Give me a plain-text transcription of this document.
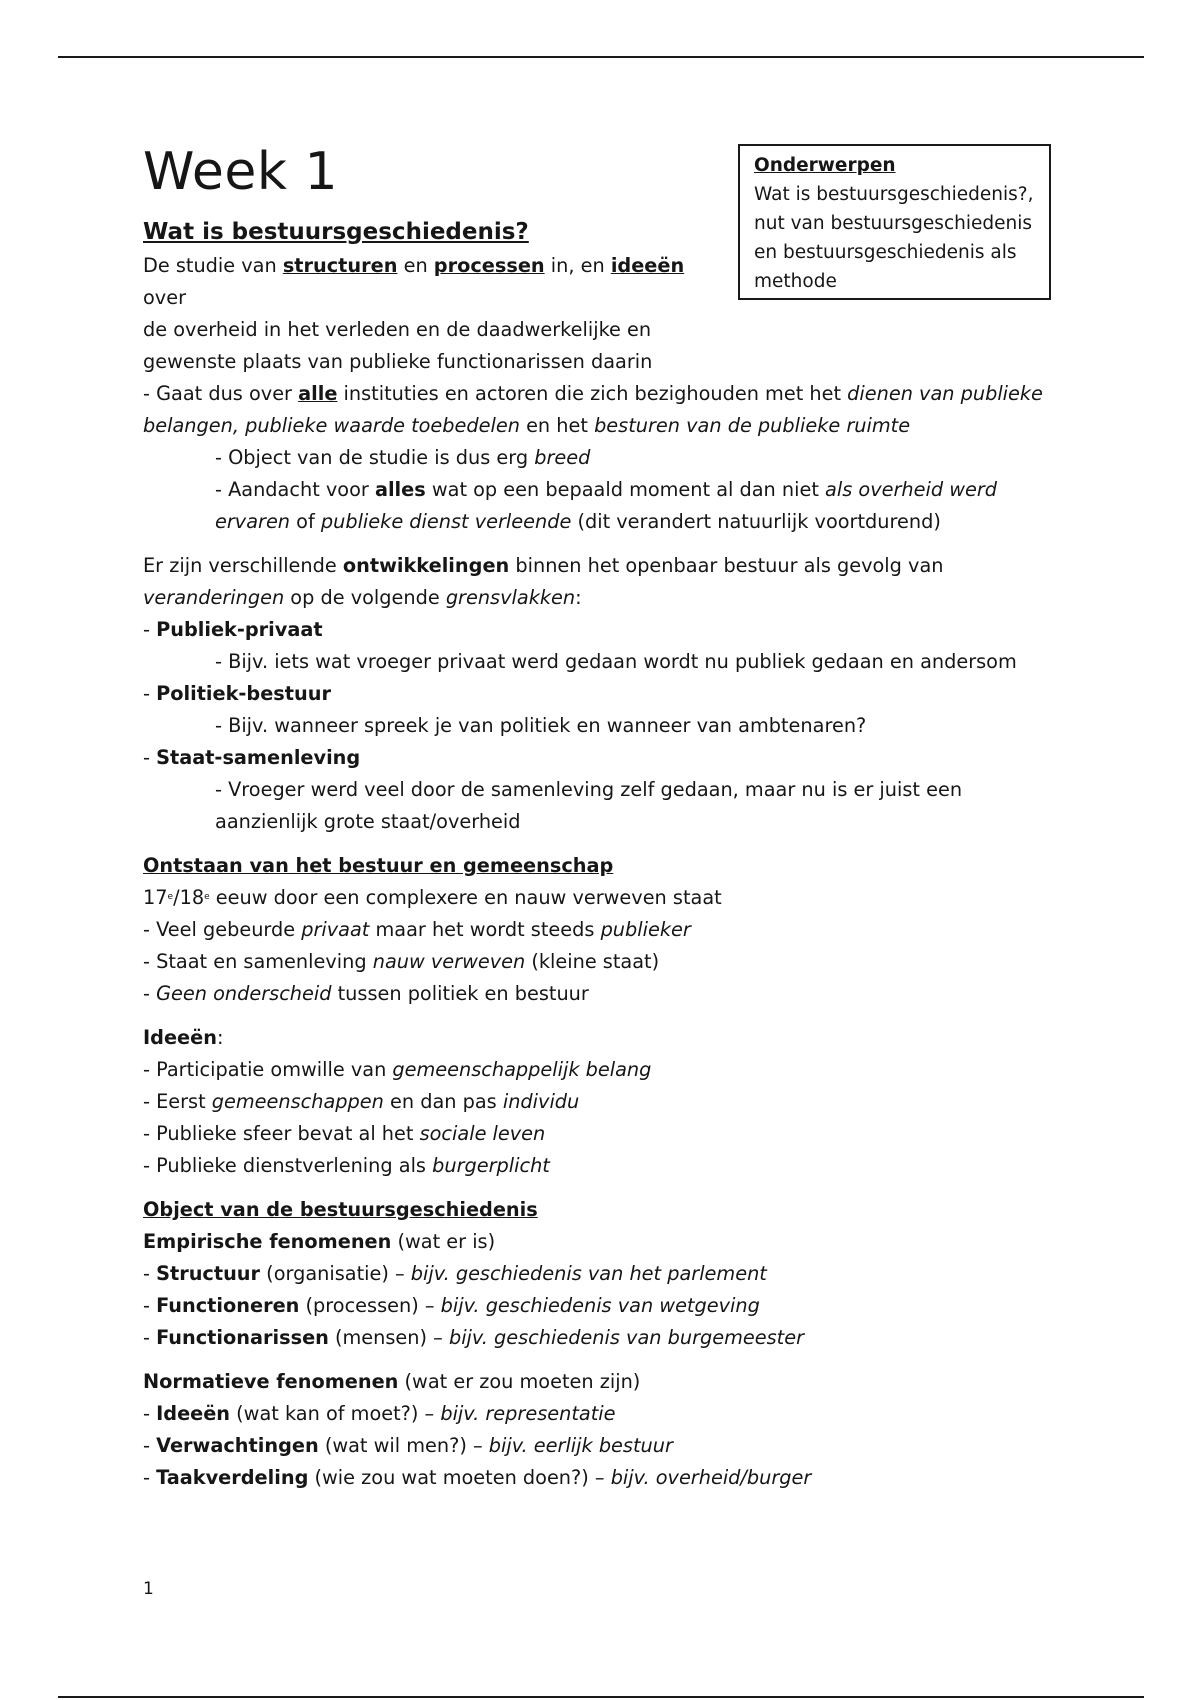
Onderwerpen
Wat is bestuursgeschiedenis?,
nut van bestuursgeschiedenis
en bestuursgeschiedenis als
methode
Week 1
Wat is bestuursgeschiedenis?

De studie van structuren en processen in, en ideeën over

de overheid in het verleden en de daadwerkelijke en

gewenste plaats van publieke functionarissen daarin

- Gaat dus over alle instituties en actoren die zich bezighouden met het dienen van publieke belangen, publieke waarde toebedelen en het besturen van de publieke ruimte

- Object van de studie is dus erg breed

- Aandacht voor alles wat op een bepaald moment al dan niet als overheid werd ervaren of publieke dienst verleende (dit verandert natuurlijk voortdurend)

Er zijn verschillende ontwikkelingen binnen het openbaar bestuur als gevolg van veranderingen op de volgende grensvlakken:

- Publiek-privaat

- Bijv. iets wat vroeger privaat werd gedaan wordt nu publiek gedaan en andersom

- Politiek-bestuur

- Bijv. wanneer spreek je van politiek en wanneer van ambtenaren?

- Staat-samenleving

- Vroeger werd veel door de samenleving zelf gedaan, maar nu is er juist een aanzienlijk grote staat/overheid

Ontstaan van het bestuur en gemeenschap

17e/18e eeuw door een complexere en nauw verweven staat

- Veel gebeurde privaat maar het wordt steeds publieker

- Staat en samenleving nauw verweven (kleine staat)

- Geen onderscheid tussen politiek en bestuur

Ideeën:

- Participatie omwille van gemeenschappelijk belang

- Eerst gemeenschappen en dan pas individu

- Publieke sfeer bevat al het sociale leven

- Publieke dienstverlening als burgerplicht

Object van de bestuursgeschiedenis

Empirische fenomenen (wat er is)

- Structuur (organisatie) – bijv. geschiedenis van het parlement

- Functioneren (processen) – bijv. geschiedenis van wetgeving

- Functionarissen (mensen) – bijv. geschiedenis van burgemeester

Normatieve fenomenen (wat er zou moeten zijn)

- Ideeën (wat kan of moet?) – bijv. representatie

- Verwachtingen (wat wil men?) – bijv. eerlijk bestuur

- Taakverdeling (wie zou wat moeten doen?) – bijv. overheid/burger

1
